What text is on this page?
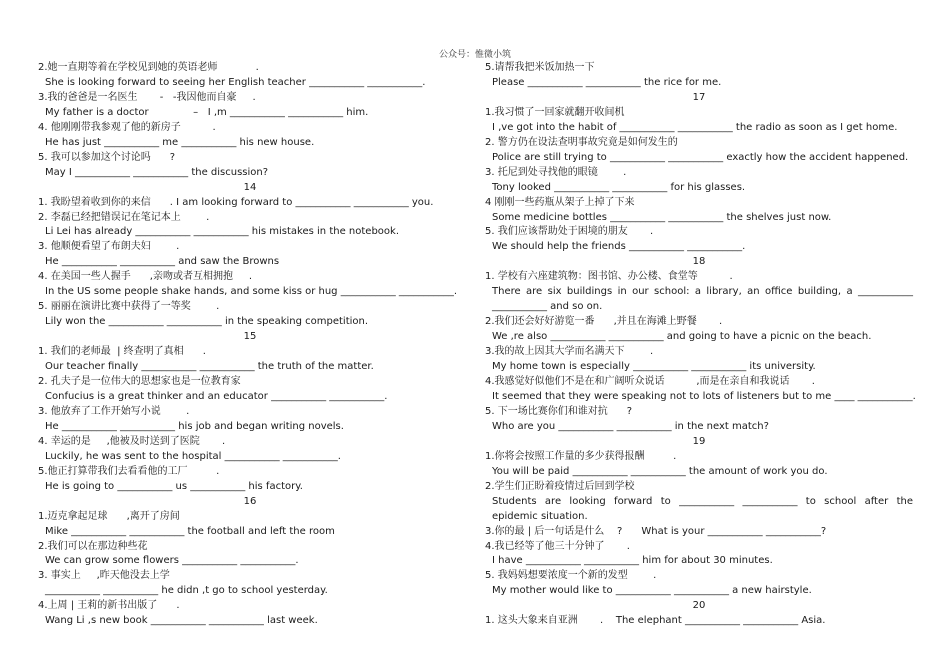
公众号：惟微小筑
2.她一直期等着在学校见到她的英语老师            .
She is looking forward to seeing her English teacher ___________ ___________.
3.我的爸爸是一名医生       -   -我因他而自豪     .
My father is a doctor              –   I ,m ___________ ___________ him.
4. 他刚刚带我参观了他的新房子          .
He has just ___________ me ___________ his new house.
5. 我可以参加这个讨论吗      ?
May I ___________ ___________ the discussion?
14
1. 我盼望着收到你的来信      . I am looking forward to ___________ ___________ you.
2. 李磊已经把错误记在笔记本上        .
Li Lei has already ___________ ___________ his mistakes in the notebook.
3. 他顺便看望了布朗夫妇        .
He ___________ ___________ and saw the Browns
4. 在美国一些人握手      ,亲吻或者互相拥抱     .
In the US some people shake hands, and some kiss or hug ___________ ___________.
5. 丽丽在演讲比赛中获得了一等奖        .
Lily won the ___________ ___________ in the speaking competition.
15
1. 我们的老师最  | 终查明了真相      .
Our teacher finally ___________ ___________ the truth of the matter.
2. 孔夫子是一位伟大的思想家也是一位教育家
Confucius is a great thinker and an educator ___________ ___________.
3. 他放弃了工作开始写小说        .
He ___________ ___________ his job and began writing novels.
4. 幸运的是     ,他被及时送到了医院       .
Luckily, he was sent to the hospital ___________ ___________.
5.他正打算带我们去看看他的工厂         .
He is going to ___________ us ___________ his factory.
16
1.迈克拿起足球      ,离开了房间
Mike ___________ ___________ the football and left the room
2.我们可以在那边种些花
We can grow some flowers ___________ ___________.
3. 事实上     ,昨天他没去上学
___________ ___________ he didn ,t go to school yesterday.
4.上周 | 王莉的新书出版了      .
Wang Li ,s new book ___________ ___________ last week.
5.请帮我把米饭加热一下
Please ___________ ___________ the rice for me.
17
1.我习惯了一回家就翻开收间机
I ,ve got into the habit of ___________ ___________ the radio as soon as I get home.
2. 警方仍在设法查明事故究竟是如何发生的
Police are still trying to ___________ ___________ exactly how the accident happened.
3. 托尼到处寻找他的眼镜        .
Tony looked ___________ ___________ for his glasses.
4 刚刚一些药瓶从架子上掉了下来
Some medicine bottles ___________ ___________ the shelves just now.
5. 我们应该帮助处于困境的朋友       .
We should help the friends ___________ ___________.
18
1. 学校有六座建筑物：图书馆、办公楼、食堂等          .
There are six buildings in our school: a library, an office building, a ___________
___________ and so on.
2.我们还会好好游览一番      ,并且在海滩上野餐       .
We ,re also ___________ ___________ and going to have a picnic on the beach.
3.我的故上因其大学而名满天下        .
My home town is especially ___________ ___________ its university.
4.我感觉好似他们不是在和广阔听众说话          ,而是在亲自和我说话       .
It seemed that they were speaking not to lots of listeners but to me ____ ___________.
5. 下一场比赛你们和谁对抗      ?
Who are you ___________ ___________ in the next match?
19
1.你将会按照工作量的多少获得报酬         .
You will be paid ___________ ___________ the amount of work you do.
2.学生们正盼着疫情过后回到学校
Students are looking forward to ___________ ___________ to school after the
epidemic situation.
3.你的最 | 后一句话是什么    ?      What is your ___________ ___________?
4.我已经等了他三十分钟了       .
I have ___________ ___________ him for about 30 minutes.
5. 我妈妈想要浓度一个新的发型        .
My mother would like to ___________ ___________ a new hairstyle.
20
1. 这头大象来自亚洲       .    The elephant ___________ ___________ Asia.
